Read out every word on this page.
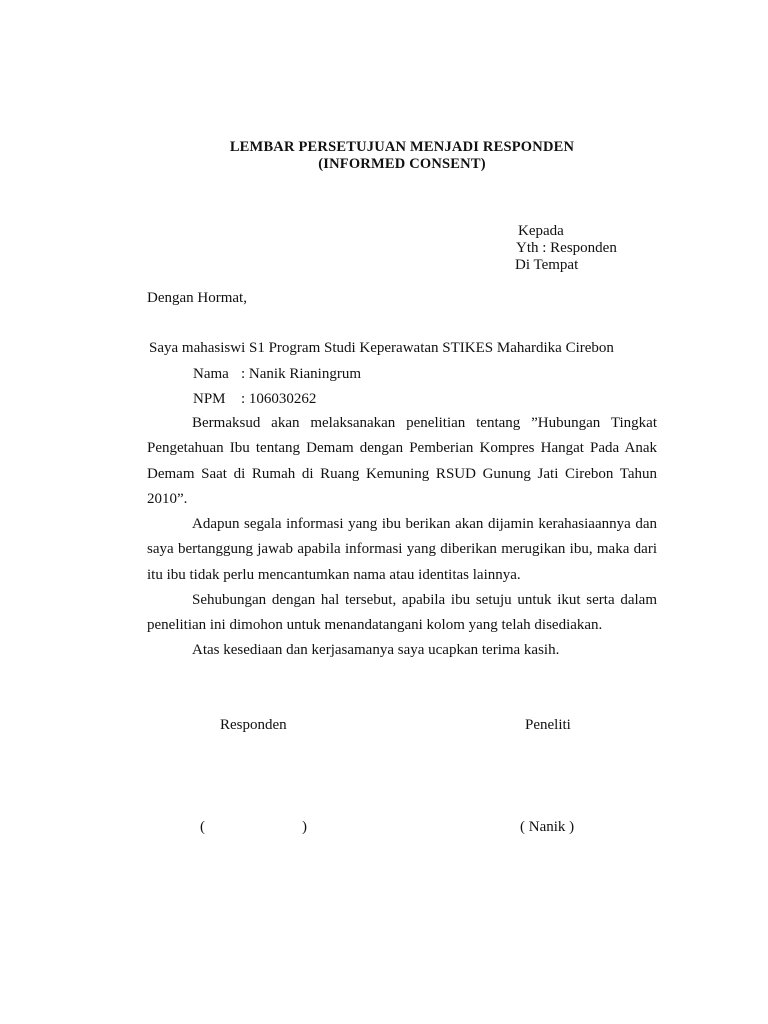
LEMBAR PERSETUJUAN MENJADI RESPONDEN
(INFORMED CONSENT)
Kepada
Yth : Responden
Di Tempat
Dengan Hormat,
Saya mahasiswi S1 Program Studi Keperawatan STIKES Mahardika Cirebon
Nama : Nanik Rianingrum
NPM : 106030262
Bermaksud akan melaksanakan penelitian tentang ”Hubungan Tingkat Pengetahuan Ibu tentang Demam dengan Pemberian Kompres Hangat Pada Anak Demam Saat di Rumah di Ruang Kemuning RSUD Gunung Jati Cirebon Tahun 2010”.
Adapun segala informasi yang ibu berikan akan dijamin kerahasiaannya dan saya bertanggung jawab apabila informasi yang diberikan merugikan ibu, maka dari itu ibu tidak perlu mencantumkan nama atau identitas lainnya.
Sehubungan dengan hal tersebut, apabila ibu setuju untuk ikut serta dalam penelitian ini dimohon untuk menandatangani kolom yang telah disediakan.
Atas kesediaan dan kerjasamanya saya ucapkan terima kasih.
Responden	Peneliti
(	)	( Nanik )
